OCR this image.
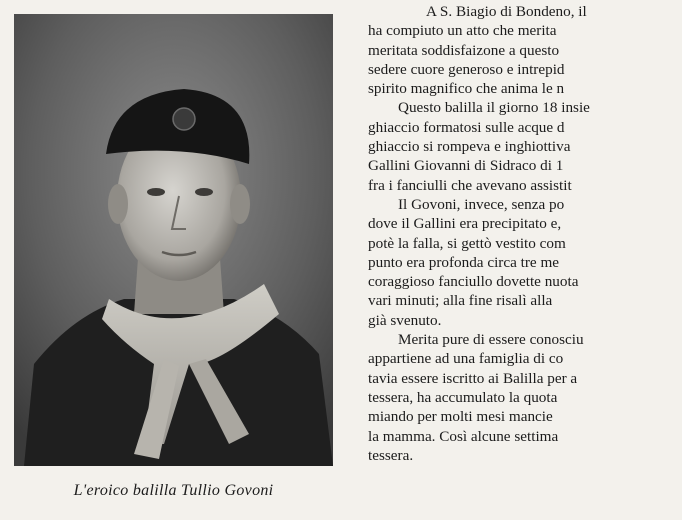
L'eroico balilla Tullio Govoni
A S. Biagio di Bondeno, il
ha compiuto un atto che merita
meritata soddisfaizone a questo
sedere cuore generoso e intrepid
spirito magnifico che anima le n
Questo balilla il giorno 18 insie
ghiaccio formatosi sulle acque d
ghiaccio si rompeva e inghiottiva
Gallini Giovanni di Sidraco di 1
fra i fanciulli che avevano assistit
Il Govoni, invece, senza po
dove il Gallini era precipitato e,
potè la falla, si gettò vestito com
punto era profonda circa tre me
coraggioso fanciullo dovette nuota
vari minuti; alla fine risalì alla
già svenuto.
Merita pure di essere conosciu
appartiene ad una famiglia di co
tavia essere iscritto ai Balilla per a
tessera, ha accumulato la quota
miando per molti mesi mancie
la mamma. Così alcune settima
tessera.
